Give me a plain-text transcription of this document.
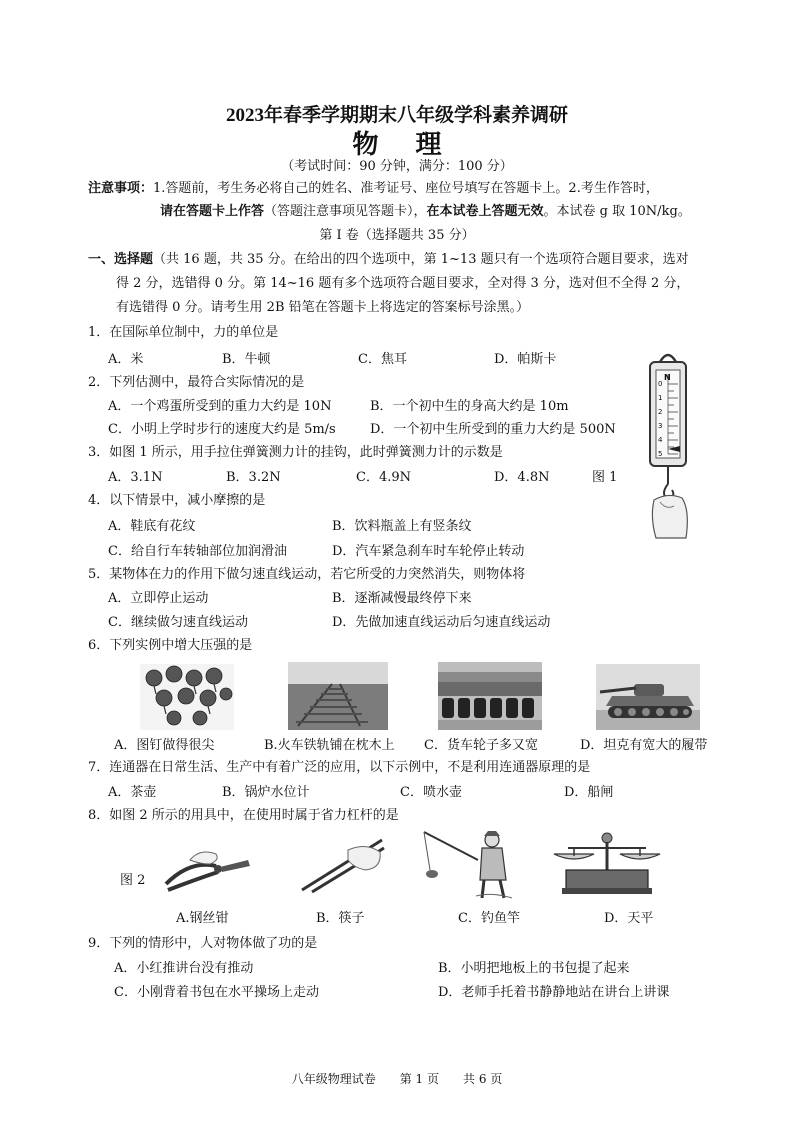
2023年春季学期期末八年级学科素养调研
物 理
（考试时间：90 分钟，满分：100 分）
注意事项：1.答题前，考生务必将自己的姓名、准考证号、座位号填写在答题卡上。2.考生作答时，
请在答题卡上作答（答题注意事项见答题卡），在本试卷上答题无效。本试卷 g 取 10N/kg。
第 I 卷（选择题共 35 分）
一、选择题（共 16 题，共 35 分。在给出的四个选项中，第 1~13 题只有一个选项符合题目要求，选对
得 2 分，选错得 0 分。第 14~16 题有多个选项符合题目要求，全对得 3 分，选对但不全得 2 分，
有选错得 0 分。请考生用 2B 铅笔在答题卡上将选定的答案标号涂黑。）
1．在国际单位制中，力的单位是
A．米	B．牛顿	C．焦耳	D．帕斯卡
2．下列估测中，最符合实际情况的是
A．一个鸡蛋所受到的重力大约是 10N	B．一个初中生的身高大约是 10m
C．小明上学时步行的速度大约是 5m/s	D．一个初中生所受到的重力大约是 500N
3．如图 1 所示，用手拉住弹簧测力计的挂钩，此时弹簧测力计的示数是
A．3.1N	B．3.2N	C．4.9N	D．4.8N	图 1
N
0
1
2
3
4
5
4．以下情景中，减小摩擦的是
A．鞋底有花纹	B．饮料瓶盖上有竖条纹
C．给自行车转轴部位加润滑油	D．汽车紧急刹车时车轮停止转动
5．某物体在力的作用下做匀速直线运动，若它所受的力突然消失，则物体将
A．立即停止运动	B．逐渐减慢最终停下来
C．继续做匀速直线运动	D．先做加速直线运动后匀速直线运动
6．下列实例中增大压强的是
A．图钉做得很尖	B.火车铁轨铺在枕木上 C．货车轮子多又宽	D．坦克有宽大的履带
7．连通器在日常生活、生产中有着广泛的应用，以下示例中，不是利用连通器原理的是
A．茶壶	B．锅炉水位计	C．喷水壶	D．船闸
8．如图 2 所示的用具中，在使用时属于省力杠杆的是
图 2
A.钢丝钳	B．筷子	C．钓鱼竿	D．天平
9．下列的情形中，人对物体做了功的是
A．小红推讲台没有推动	B．小明把地板上的书包提了起来
C．小刚背着书包在水平操场上走动	D．老师手托着书静静地站在讲台上讲课
八年级物理试卷　　第 1 页　　共 6 页
